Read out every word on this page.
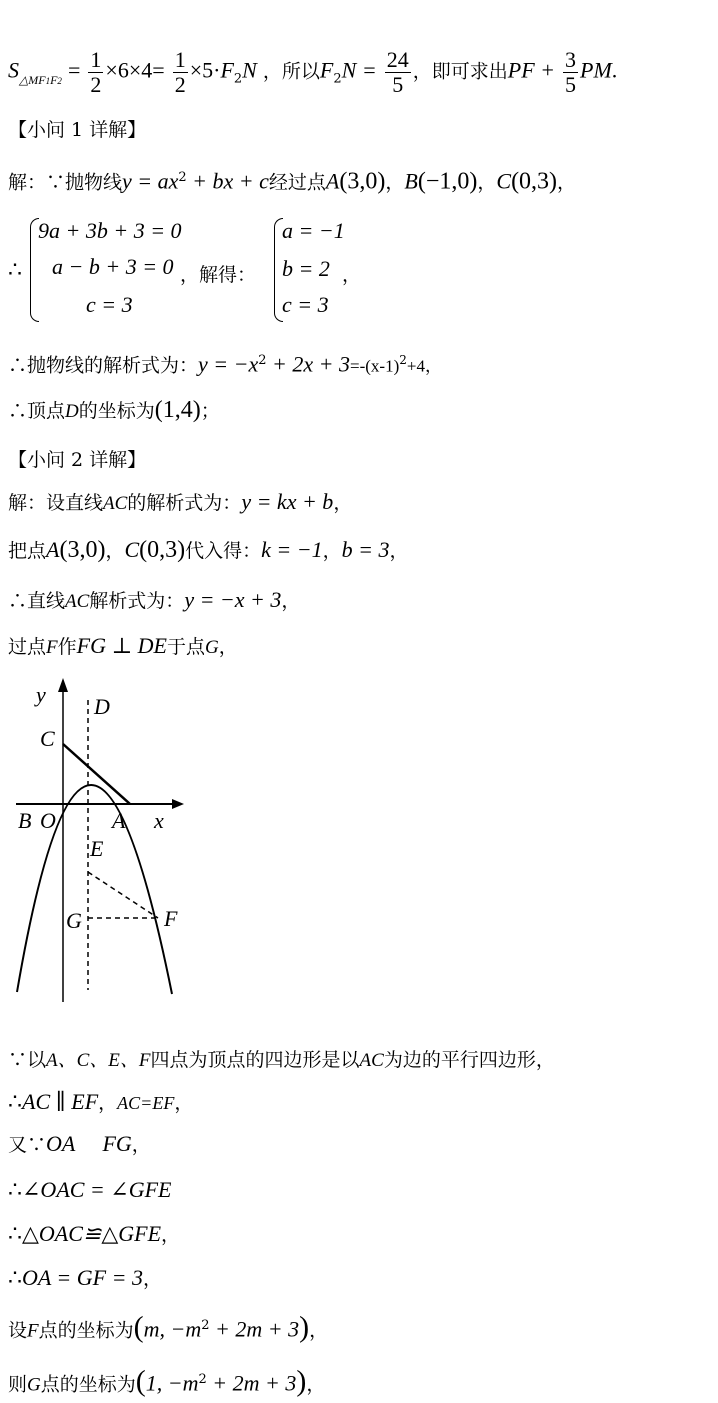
$S_{\triangle MF1F2} = \frac{1}{2} \times 6\times 4= \frac{1}{2} \times 5\cdot F_2N$ ，所以$F_2N = \frac{24}{5}$ ，即可求出PF + $\frac{3}{5}$ PM.
【小问 1 详解】
解：∵抛物线$y = ax^2$ + bx + c经过点A(3,0)，B(−1,0)，C(0,3)，
∴
9a + 3b + 3 = 0
a − b + 3 = 0
c = 3
，解得：
a = −1
b = 2
c = 3
，
∴抛物线的解析式为：$y = -x^2 + 2x + 3=-(x-1)^2+4$，
∴顶点D的坐标为(1,4)；
【小问 2 详解】
解：设直线AC的解析式为：y = kx + b，
把点A(3,0)，C(0,3)代入得：k = −1，b = 3，
∴直线AC解析式为：y = −x + 3，
过点F作FG ⊥ DE于点G，
y D
C
B O	A x
E
G	F
∵以A、C、E、F四点为顶点的四边形是以AC为边的平行四边形，
∴AC ∥ EF，AC=EF，
又∵OA　 FG，
∴∠OAC = ∠GFE
∴△OAC≌△GFE，
∴OA = GF = 3，
设F点的坐标为(m, $-m^2 + 2m + 3$)，
则G点的坐标为(1, $-m^2 + 2m + 3$)，
